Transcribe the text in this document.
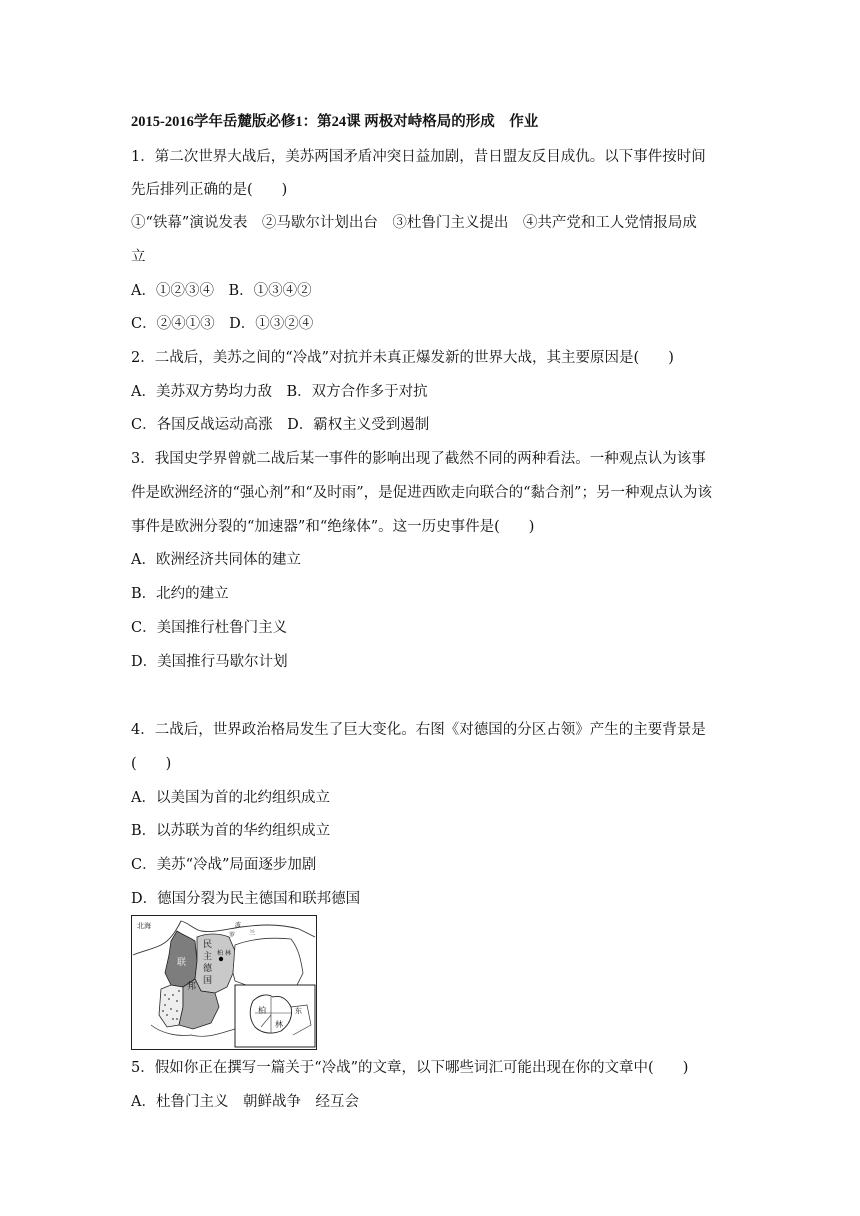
2015-2016学年岳麓版必修1：第24课 两极对峙格局的形成　作业
1．第二次世界大战后，美苏两国矛盾冲突日益加剧，昔日盟友反目成仇。以下事件按时间
先后排列正确的是(　　)
①“铁幕”演说发表　②马歇尔计划出台　③杜鲁门主义提出　④共产党和工人党情报局成
立
A．①②③④　B．①③④②
C．②④①③　D．①③②④
2．二战后，美苏之间的“冷战”对抗并未真正爆发新的世界大战，其主要原因是(　　)
A．美苏双方势均力敌　B．双方合作多于对抗
C．各国反战运动高涨　D．霸权主义受到遏制
3．我国史学界曾就二战后某一事件的影响出现了截然不同的两种看法。一种观点认为该事
件是欧洲经济的“强心剂”和“及时雨”，是促进西欧走向联合的“黏合剂”；另一种观点认为该
事件是欧洲分裂的“加速器”和“绝缘体”。这一历史事件是(　　)
A．欧洲经济共同体的建立
B．北约的建立
C．美国推行杜鲁门主义
D．美国推行马歇尔计划
4．二战后，世界政治格局发生了巨大变化。右图《对德国的分区占领》产生的主要背景是
(　　)
A．以美国为首的北约组织成立
B．以苏联为首的华约组织成立
C．美苏“冷战”局面逐步加剧
D．德国分裂为民主德国和联邦德国
北海	波
兰
罗
民
主
德
国
联
邦
柏 林
柏
林
东
5．假如你正在撰写一篇关于“冷战”的文章，以下哪些词汇可能出现在你的文章中(　　)
A．杜鲁门主义　朝鲜战争　经互会
